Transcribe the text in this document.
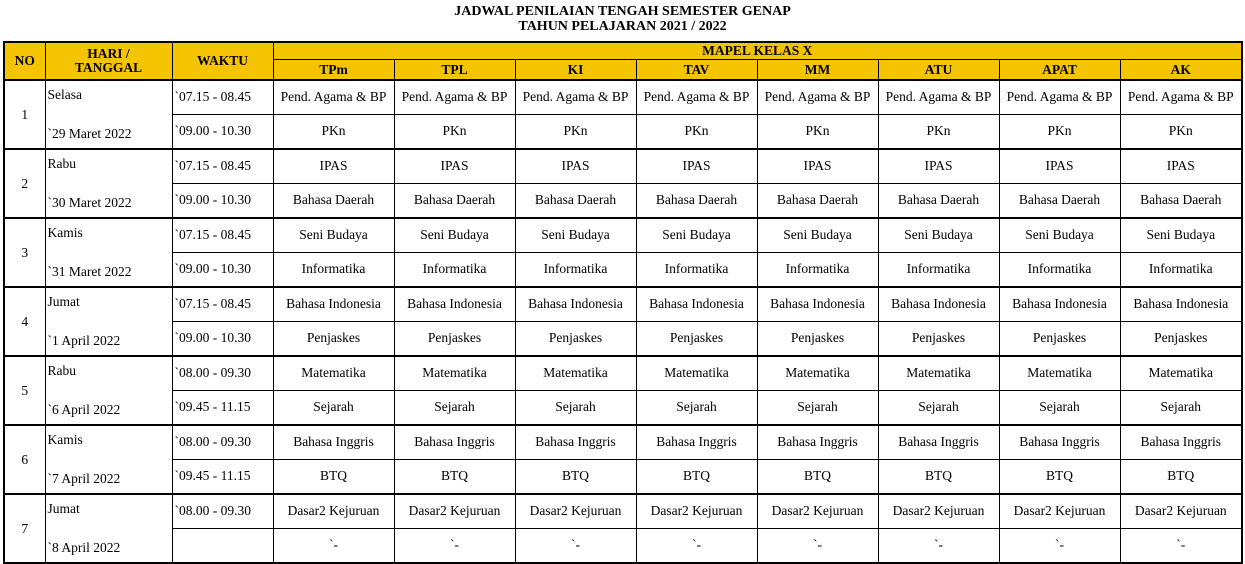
JADWAL PENILAIAN TENGAH SEMESTER GENAP
TAHUN PELAJARAN 2021 / 2022
NO	HARI /
TANGGAL	WAKTU	MAPEL KELAS X							
			TPm	TPL	KI	TAV	MM	ATU	APAT	AK
1	Selasa	`07.15 - 08.45	Pend. Agama & BP	Pend. Agama & BP	Pend. Agama & BP	Pend. Agama & BP	Pend. Agama & BP	Pend. Agama & BP	Pend. Agama & BP	Pend. Agama & BP
	`29 Maret 2022	`09.00 - 10.30	PKn	PKn	PKn	PKn	PKn	PKn	PKn	PKn
2	Rabu	`07.15 - 08.45	IPAS	IPAS	IPAS	IPAS	IPAS	IPAS	IPAS	IPAS
	`30 Maret 2022	`09.00 - 10.30	Bahasa Daerah	Bahasa Daerah	Bahasa Daerah	Bahasa Daerah	Bahasa Daerah	Bahasa Daerah	Bahasa Daerah	Bahasa Daerah
3	Kamis	`07.15 - 08.45	Seni Budaya	Seni Budaya	Seni Budaya	Seni Budaya	Seni Budaya	Seni Budaya	Seni Budaya	Seni Budaya
	`31 Maret 2022	`09.00 - 10.30	Informatika	Informatika	Informatika	Informatika	Informatika	Informatika	Informatika	Informatika
4	Jumat	`07.15 - 08.45	Bahasa Indonesia	Bahasa Indonesia	Bahasa Indonesia	Bahasa Indonesia	Bahasa Indonesia	Bahasa Indonesia	Bahasa Indonesia	Bahasa Indonesia
	`1 April 2022	`09.00 - 10.30	Penjaskes	Penjaskes	Penjaskes	Penjaskes	Penjaskes	Penjaskes	Penjaskes	Penjaskes
5	Rabu	`08.00 - 09.30	Matematika	Matematika	Matematika	Matematika	Matematika	Matematika	Matematika	Matematika
	`6 April 2022	`09.45 - 11.15	Sejarah	Sejarah	Sejarah	Sejarah	Sejarah	Sejarah	Sejarah	Sejarah
6	Kamis	`08.00 - 09.30	Bahasa Inggris	Bahasa Inggris	Bahasa Inggris	Bahasa Inggris	Bahasa Inggris	Bahasa Inggris	Bahasa Inggris	Bahasa Inggris
	`7 April 2022	`09.45 - 11.15	BTQ	BTQ	BTQ	BTQ	BTQ	BTQ	BTQ	BTQ
7	Jumat	`08.00 - 09.30	Dasar2 Kejuruan	Dasar2 Kejuruan	Dasar2 Kejuruan	Dasar2 Kejuruan	Dasar2 Kejuruan	Dasar2 Kejuruan	Dasar2 Kejuruan	Dasar2 Kejuruan
	`8 April 2022		`-	`-	`-	`-	`-	`-	`-	`-
